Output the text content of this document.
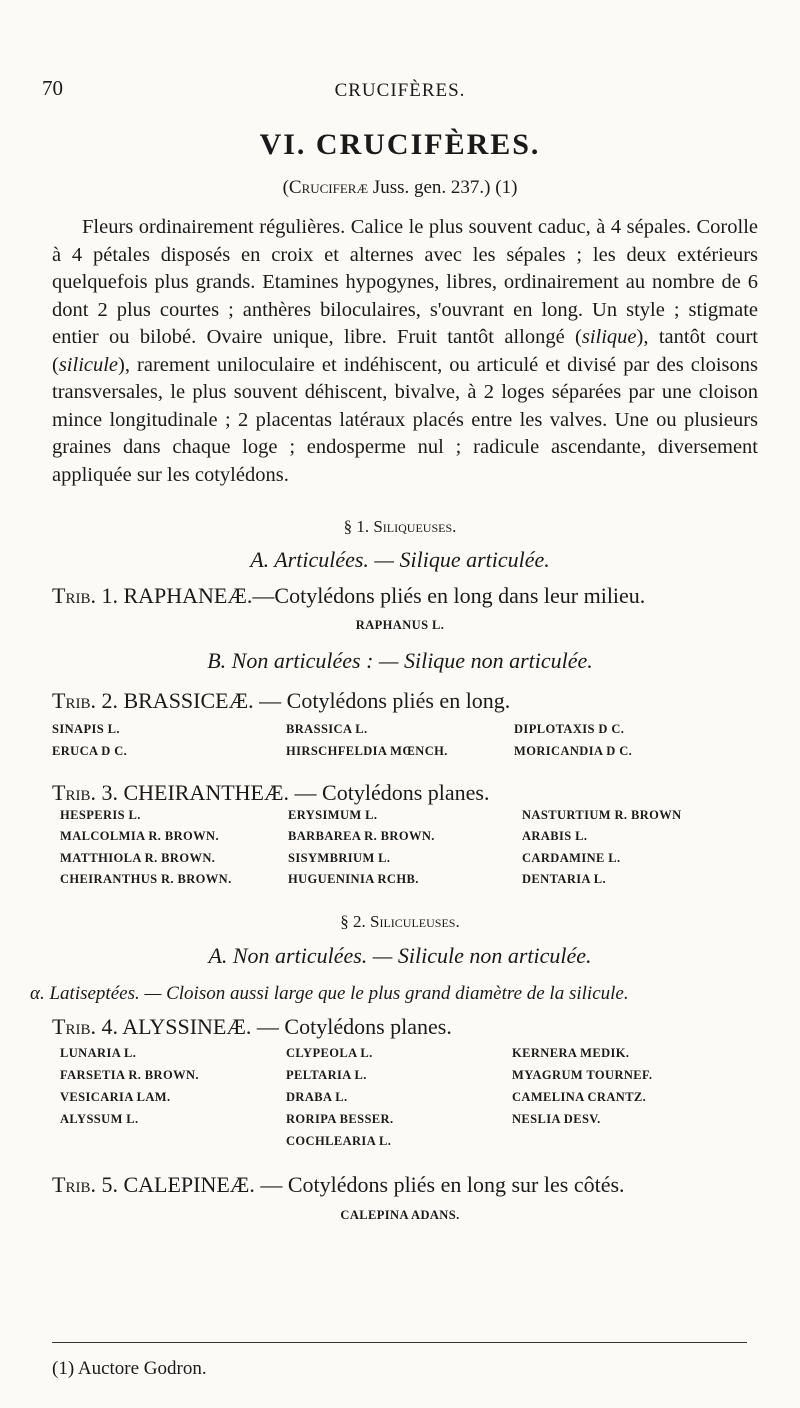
70	CRUCIFÈRES.
VI. CRUCIFÈRES.
(Cruciferæ Juss. gen. 237.) (1)

Fleurs ordinairement régulières. Calice le plus souvent caduc, à 4 sépales. Corolle à 4 pétales disposés en croix et alternes avec les sépales ; les deux extérieurs quelquefois plus grands. Etamines hypogynes, libres, ordinairement au nombre de 6 dont 2 plus courtes ; anthères biloculaires, s'ouvrant en long. Un style ; stigmate entier ou bilobé. Ovaire unique, libre. Fruit tantôt allongé (silique), tantôt court (silicule), rarement uniloculaire et indéhiscent, ou articulé et divisé par des cloisons transversales, le plus souvent déhiscent, bivalve, à 2 loges séparées par une cloison mince longitudinale ; 2 placentas latéraux placés entre les valves. Une ou plusieurs graines dans chaque loge ; endosperme nul ; radicule ascendante, diversement appliquée sur les cotylédons.

§ 1. Siliqueuses.
A. Articulées. — Silique articulée.
Trib. 1. RAPHANEÆ.—Cotylédons pliés en long dans leur milieu.
RAPHANUS L.
B. Non articulées : — Silique non articulée.
Trib. 2. BRASSICEÆ. — Cotylédons pliés en long.
SINAPIS L.	BRASSICA L.	DIPLOTAXIS D C.
ERUCA D C.	HIRSCHFELDIA MŒNCH.	MORICANDIA D C.
Trib. 3. CHEIRANTHEÆ. — Cotylédons planes.
HESPERIS L.	ERYSIMUM L.	NASTURTIUM R. BROWN
MALCOLMIA R. BROWN.	BARBAREA R. BROWN.	ARABIS L.
MATTHIOLA R. BROWN.	SISYMBRIUM L.	CARDAMINE L.
CHEIRANTHUS R. BROWN.	HUGUENINIA RCHB.	DENTARIA L.
§ 2. Siliculeuses.
A. Non articulées. — Silicule non articulée.
α. Latiseptées. — Cloison aussi large que le plus grand diamètre de la silicule.
Trib. 4. ALYSSINEÆ. — Cotylédons planes.
LUNARIA L.	CLYPEOLA L.	KERNERA MEDIK.
FARSETIA R. BROWN.	PELTARIA L.	MYAGRUM TOURNEF.
VESICARIA LAM.	DRABA L.	CAMELINA CRANTZ.
ALYSSUM L.	RORIPA BESSER.	NESLIA DESV.
COCHLEARIA L.
Trib. 5. CALEPINEÆ. — Cotylédons pliés en long sur les côtés.
CALEPINA ADANS.
(1) Auctore Godron.
